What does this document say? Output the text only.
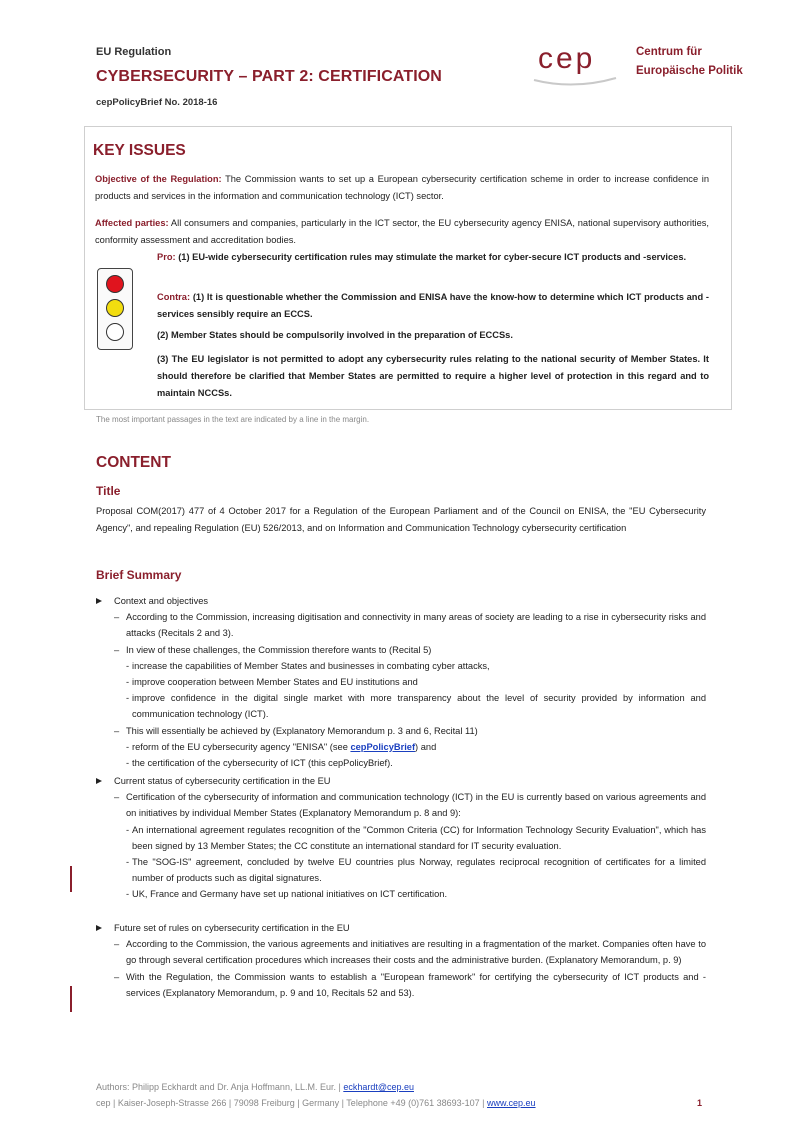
EU Regulation
CYBERSECURITY – PART 2: CERTIFICATION
cepPolicyBrief No. 2018-16
cep	Centrum für
Europäische Politik
KEY ISSUES
Objective of the Regulation: The Commission wants to set up a European cybersecurity certification scheme in order to increase confidence in products and services in the information and communication technology (ICT) sector.
Affected parties: All consumers and companies, particularly in the ICT sector, the EU cybersecurity agency ENISA, national supervisory authorities, conformity assessment and accreditation bodies.
Pro: (1) EU-wide cybersecurity certification rules may stimulate the market for cyber-secure ICT products and -services.
Contra: (1) It is questionable whether the Commission and ENISA have the know-how to determine which ICT products and -services sensibly require an ECCS.
(2) Member States should be compulsorily involved in the preparation of ECCSs.
(3) The EU legislator is not permitted to adopt any cybersecurity rules relating to the national security of Member States. It should therefore be clarified that Member States are permitted to require a higher level of protection in this regard and to maintain NCCSs.
The most important passages in the text are indicated by a line in the margin.
CONTENT
Title
Proposal COM(2017) 477 of 4 October 2017 for a Regulation of the European Parliament and of the Council on ENISA, the "EU Cybersecurity Agency", and repealing Regulation (EU) 526/2013, and on Information and Communication Technology cybersecurity certification
Brief Summary
Context and objectives
– According to the Commission, increasing digitisation and connectivity in many areas of society are leading to a rise in cybersecurity risks and attacks (Recitals 2 and 3).
– In view of these challenges, the Commission therefore wants to (Recital 5)
- increase the capabilities of Member States and businesses in combating cyber attacks,
- improve cooperation between Member States and EU institutions and
- improve confidence in the digital single market with more transparency about the level of security provided by information and communication technology (ICT).
– This will essentially be achieved by (Explanatory Memorandum p. 3 and 6, Recital 11)
- reform of the EU cybersecurity agency "ENISA" (see cepPolicyBrief) and
- the certification of the cybersecurity of ICT (this cepPolicyBrief).
Current status of cybersecurity certification in the EU
– Certification of the cybersecurity of information and communication technology (ICT) in the EU is currently based on various agreements and on initiatives by individual Member States (Explanatory Memorandum p. 8 and 9):
- An international agreement regulates recognition of the "Common Criteria (CC) for Information Technology Security Evaluation", which has been signed by 13 Member States; the CC constitute an international standard for IT security evaluation.
- The "SOG-IS" agreement, concluded by twelve EU countries plus Norway, regulates reciprocal recognition of certificates for a limited number of products such as digital signatures.
- UK, France and Germany have set up national initiatives on ICT certification.
Future set of rules on cybersecurity certification in the EU
– According to the Commission, the various agreements and initiatives are resulting in a fragmentation of the market. Companies often have to go through several certification procedures which increases their costs and the administrative burden. (Explanatory Memorandum, p. 9)
– With the Regulation, the Commission wants to establish a "European framework" for certifying the cybersecurity of ICT products and -services (Explanatory Memorandum, p. 9 and 10, Recitals 52 and 53).
Authors: Philipp Eckhardt and Dr. Anja Hoffmann, LL.M. Eur. | eckhardt@cep.eu
cep | Kaiser-Joseph-Strasse 266 | 79098 Freiburg | Germany | Telephone +49 (0)761 38693-107 | www.cep.eu	1
